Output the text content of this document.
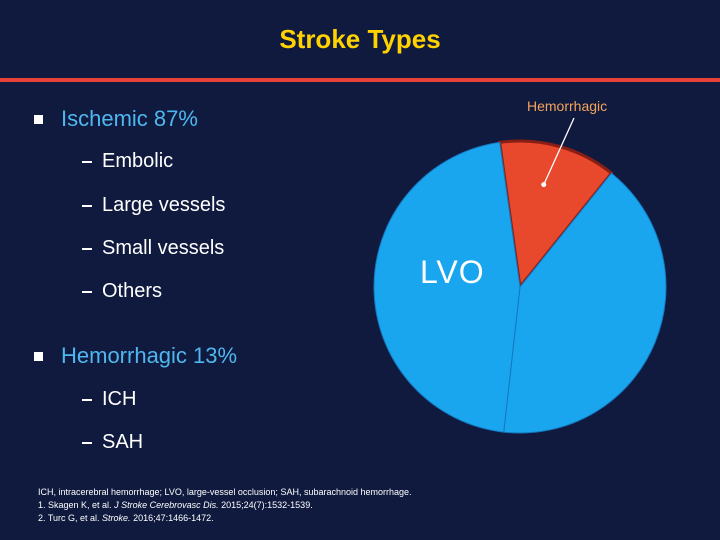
Stroke Types
Ischemic 87%
Embolic
Large vessels
Small vessels
Others
Hemorrhagic 13%
ICH
SAH
Hemorrhagic
LVO
ICH, intracerebral hemorrhage; LVO, large-vessel occlusion; SAH, subarachnoid hemorrhage.
1. Skagen K, et al. J Stroke Cerebrovasc Dis. 2015;24(7):1532-1539.
2. Turc G, et al. Stroke. 2016;47:1466-1472.
